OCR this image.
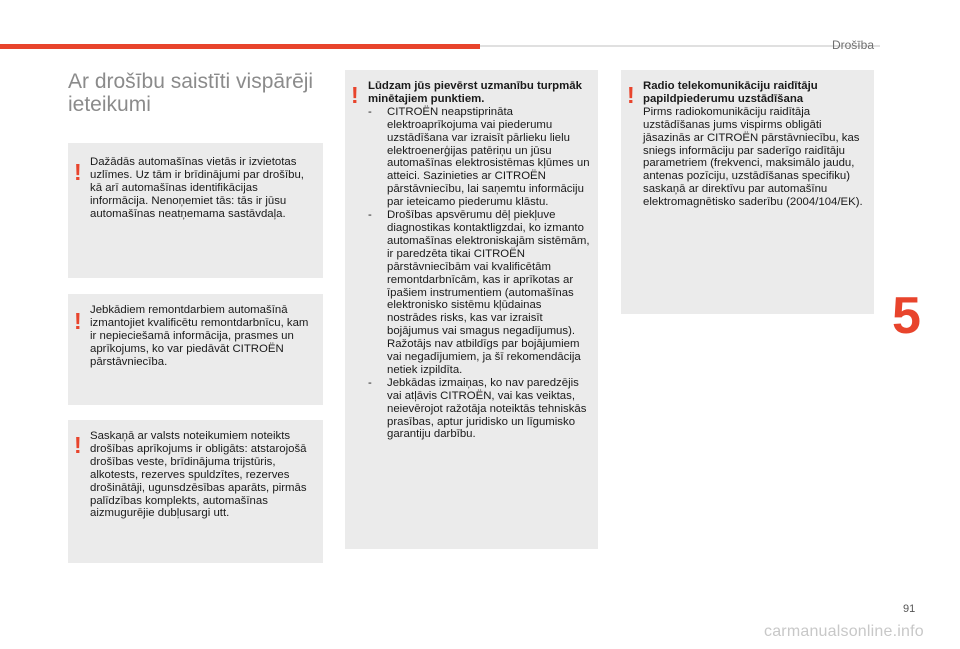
Drošība
Ar drošību saistīti vispārēji ieteikumi
! Dažādās automašīnas vietās ir izvietotas uzlīmes. Uz tām ir brīdinājumi par drošību, kā arī automašīnas identifikācijas informācija. Nenoņemiet tās: tās ir jūsu automašīnas neatņemama sastāvdaļa.
! Jebkādiem remontdarbiem automašīnā izmantojiet kvalificētu remontdarbnīcu, kam ir nepieciešamā informācija, prasmes un aprīkojums, ko var piedāvāt CITROËN pārstāvniecība.
! Saskaņā ar valsts noteikumiem noteikts drošības aprīkojums ir obligāts: atstarojošā drošības veste, brīdinājuma trijstūris, alkotests, rezerves spuldzītes, rezerves drošinātāji, ugunsdzēsības aparāts, pirmās palīdzības komplekts, automašīnas aizmugurējie dubļusargi utt.
! Lūdzam jūs pievērst uzmanību turpmāk minētajiem punktiem.
- CITROËN neapstiprināta elektroaprīkojuma vai piederumu uzstādīšana var izraisīt pārlieku lielu elektroenerģijas patēriņu un jūsu automašīnas elektrosistēmas kļūmes un atteici. Sazinieties ar CITROËN pārstāvniecību, lai saņemtu informāciju par ieteicamo piederumu klāstu.
- Drošības apsvērumu dēļ piekļuve diagnostikas kontaktligzdai, ko izmanto automašīnas elektroniskajām sistēmām, ir paredzēta tikai CITROËN pārstāvniecībām vai kvalificētām remontdarbnīcām, kas ir aprīkotas ar īpašiem instrumentiem (automašīnas elektronisko sistēmu kļūdainas nostrādes risks, kas var izraisīt bojājumus vai smagus negadījumus). Ražotājs nav atbildīgs par bojājumiem vai negadījumiem, ja šī rekomendācija netiek izpildīta.
- Jebkādas izmaiņas, ko nav paredzējis vai atļāvis CITROËN, vai kas veiktas, neievērojot ražotāja noteiktās tehniskās prasības, aptur juridisko un līgumisko garantiju darbību.
! Radio telekomunikāciju raidītāju papildpiederumu uzstādīšana
Pirms radiokomunikāciju raidītāja uzstādīšanas jums vispirms obligāti jāsazinās ar CITROËN pārstāvniecību, kas sniegs informāciju par saderīgo raidītāju parametriem (frekvenci, maksimālo jaudu, antenas pozīciju, uzstādīšanas specifiku) saskaņā ar direktīvu par automašīnu elektromagnētisko saderību (2004/104/EK).
5
91
carmanualsonline.info
